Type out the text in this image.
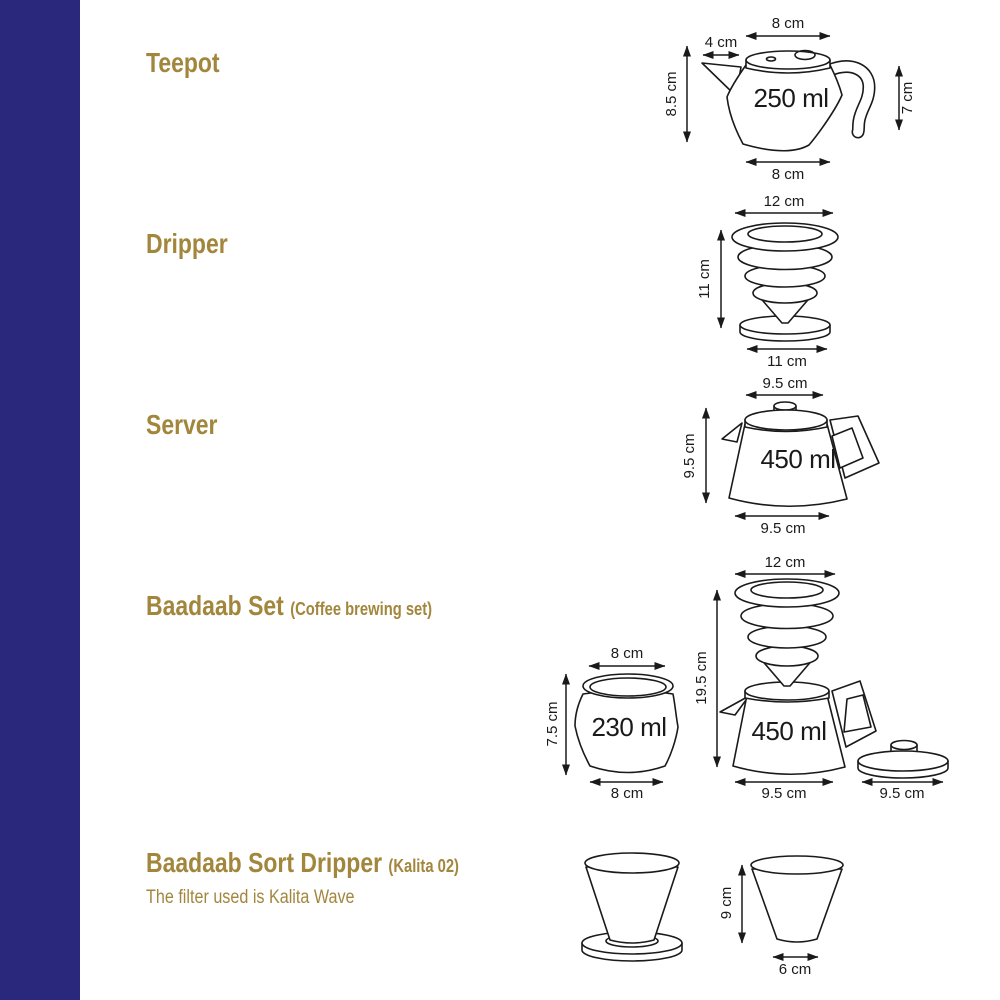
Teepot
Dripper
Server
Baadaab Set (Coffee brewing set)
Baadaab Sort Dripper (Kalita 02)
The filter used is Kalita Wave
250 ml
8 cm
4 cm
8.5 cm	7 cm
8 cm
12 cm
11 cm
11 cm
450 ml
9.5 cm
9.5 cm
9.5 cm
230 ml
8 cm
7.5 cm
8 cm
450 ml
12 cm
19.5 cm
9.5 cm	9.5 cm
9 cm
6 cm
